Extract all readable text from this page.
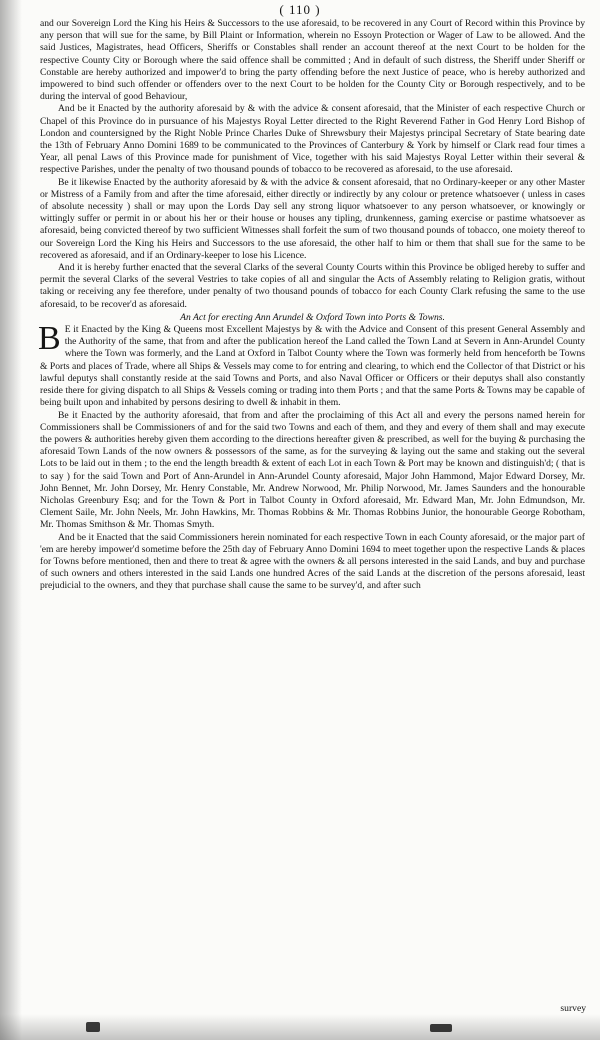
( 110 )

and our Sovereign Lord the King his Heirs & Successors to the use aforesaid, to be recovered in any Court of Record within this Province by any person that will sue for the same, by Bill Plaint or Information, wherein no Essoyn Protection or Wager of Law to be allowed. And the said Justices, Magistrates, head Officers, Sheriffs or Constables shall render an account thereof at the next Court to be holden for the respective County City or Borough where the said offence shall be committed ; And in default of such distress, the Sheriff under Sheriff or Constable are hereby authorized and impower'd to bring the party offending before the next Justice of peace, who is hereby authorized and impowered to bind such offender or offenders over to the next Court to be holden for the County City or Borough respectively, and to be during the interval of good Behaviour,

And be it Enacted by the authority aforesaid by & with the advice & consent aforesaid, that the Minister of each respective Church or Chapel of this Province do in pursuance of his Majestys Royal Letter directed to the Right Reverend Father in God Henry Lord Bishop of London and countersigned by the Right Noble Prince Charles Duke of Shrewsbury their Majestys principal Secretary of State bearing date the 13th of February Anno Domini 1689 to be communicated to the Provinces of Canterbury & York by himself or Clark read four times a Year, all penal Laws of this Province made for punishment of Vice, together with his said Majestys Royal Letter within their several & respective Parishes, under the penalty of two thousand pounds of tobacco to be recovered as aforesaid, to the use aforesaid.

Be it likewise Enacted by the authority aforesaid by & with the advice & consent aforesaid, that no Ordinary-keeper or any other Master or Mistress of a Family from and after the time aforesaid, either directly or indirectly by any colour or pretence whatsoever ( unless in cases of absolute necessity ) shall or may upon the Lords Day sell any strong liquor whatsoever to any person whatsoever, or knowingly or wittingly suffer or permit in or about his her or their house or houses any tipling, drunkenness, gaming exercise or pastime whatsoever as aforesaid, being convicted thereof by two sufficient Witnesses shall forfeit the sum of two thousand pounds of tobacco, one moiety thereof to our Sovereign Lord the King his Heirs and Successors to the use aforesaid, the other half to him or them that shall sue for the same to be recovered as aforesaid, and if an Ordinary-keeper to lose his Licence.

And it is hereby further enacted that the several Clarks of the several County Courts within this Province be obliged hereby to suffer and permit the several Clarks of the several Vestries to take copies of all and singular the Acts of Assembly relating to Religion gratis, without taking or receiving any fee therefore, under penalty of two thousand pounds of tobacco for each County Clark refusing the same to the use aforesaid, to be recover'd as aforesaid.

An Act for erecting Ann Arundel & Oxford Town into Ports & Towns.

B E it Enacted by the King & Queens most Excellent Majestys by & with the Advice and Consent of this present General Assembly and the Authority of the same, that from and after the publication hereof the Land called the Town Land at Severn in Ann-Arundel County where the Town was formerly, and the Land at Oxford in Talbot County where the Town was formerly held from henceforth be Towns & Ports and places of Trade, where all Ships & Vessels may come to for entring and clearing, to which end the Collector of that District or his lawful deputys shall constantly reside at the said Towns and Ports, and also Naval Officer or Officers or their deputys shall also constantly reside there for giving dispatch to all Ships & Vessels coming or trading into them Ports ; and that the same Ports & Towns may be capable of being built upon and inhabited by persons desiring to dwell & inhabit in them.

Be it Enacted by the authority aforesaid, that from and after the proclaiming of this Act all and every the persons named herein for Commissioners shall be Commissioners of and for the said two Towns and each of them, and they and every of them shall and may execute the powers & authorities hereby given them according to the directions hereafter given & prescribed, as well for the buying & purchasing the aforesaid Town Lands of the now owners & possessors of the same, as for the surveying & laying out the same and staking out the several Lots to be laid out in them ; to the end the length breadth & extent of each Lot in each Town & Port may be known and distinguish'd; ( that is to say ) for the said Town and Port of Ann-Arundel in Ann-Arundel County aforesaid, Major John Hammond, Major Edward Dorsey, Mr. John Bennet, Mr. John Dorsey, Mr. Henry Constable, Mr. Andrew Norwood, Mr. Philip Norwood, Mr. James Saunders and the honourable Nicholas Greenbury Esq; and for the Town & Port in Talbot County in Oxford aforesaid, Mr. Edward Man, Mr. John Edmundson, Mr. Clement Saile, Mr. John Neels, Mr. John Hawkins, Mr. Thomas Robbins & Mr. Thomas Robbins Junior, the honourable George Robotham, Mr. Thomas Smithson & Mr. Thomas Smyth.

And be it Enacted that the said Commissioners herein nominated for each respective Town in each County aforesaid, or the major part of 'em are hereby impower'd sometime before the 25th day of February Anno Domini 1694 to meet together upon the respective Lands & places for Towns before mentioned, then and there to treat & agree with the owners & all persons interested in the said Lands, and buy and purchase of such owners and others interested in the said Lands one hundred Acres of the said Lands at the discretion of the persons aforesaid, least prejudicial to the owners, and they that purchase shall cause the same to be survey'd, and after such

survey
